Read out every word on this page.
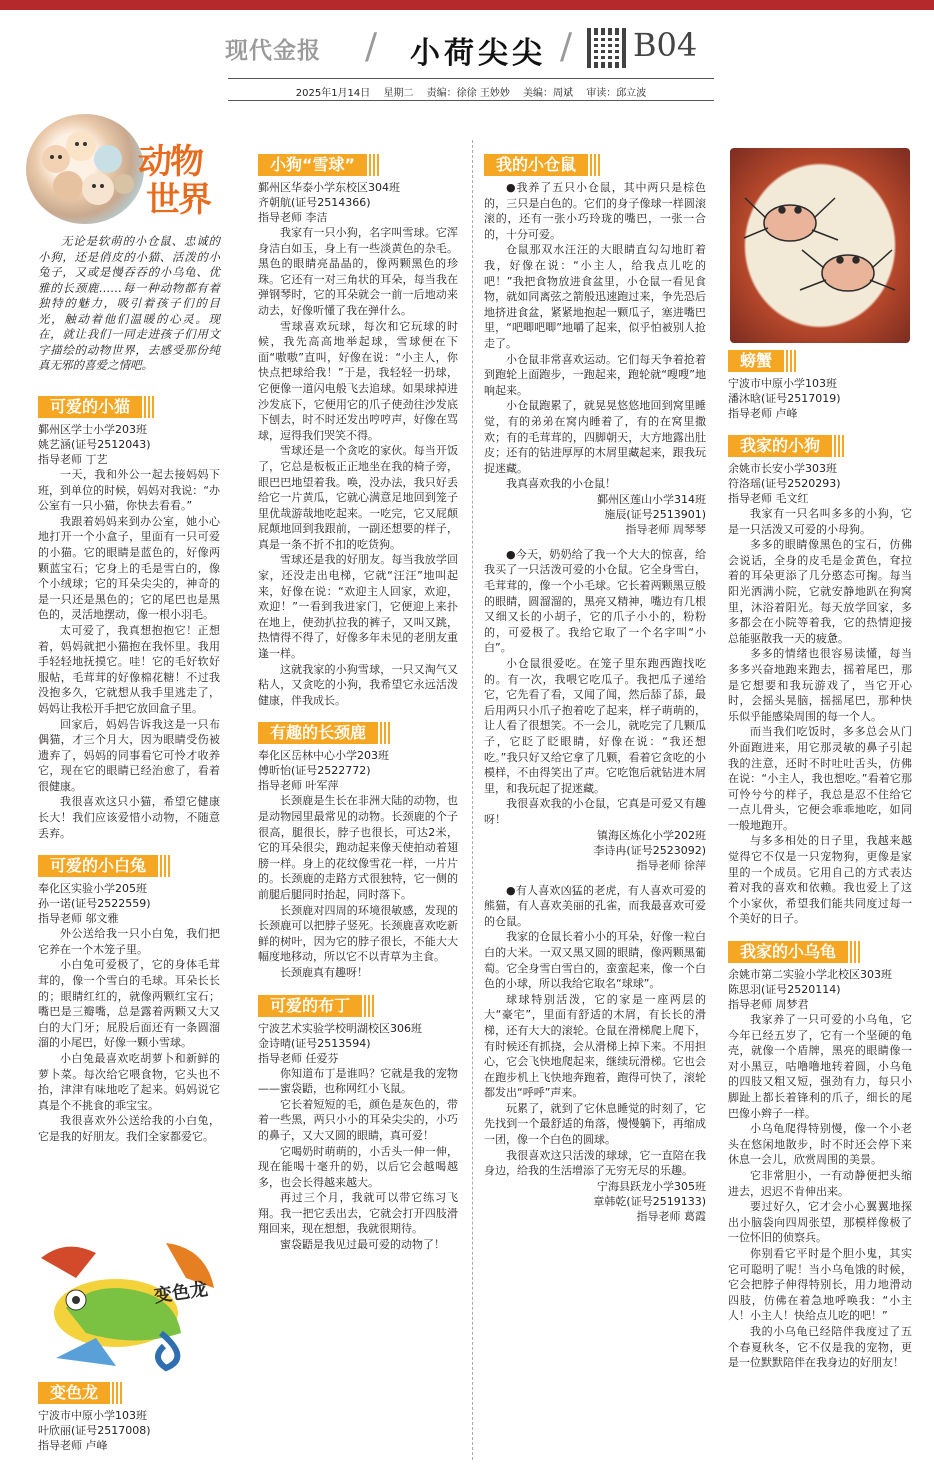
现代金报 / 小荷尖尖 / B04
2025年1月14日 星期二 责编：徐徐 王妙妙 美编：周斌 审读：邱立波
动物
世界

无论是软萌的小仓鼠、忠诚的小狗，还是俏皮的小猫、活泼的小兔子，又或是慢吞吞的小乌龟、优雅的长颈鹿……每一种动物都有着独特的魅力，吸引着孩子们的目光，触动着他们温暖的心灵。现在，就让我们一同走进孩子们用文字描绘的动物世界，去感受那份纯真无邪的喜爱之情吧。

可爱的小猫
鄞州区学士小学203班
姚艺涵(证号2512043)
指导老师 丁艺

一天，我和外公一起去接妈妈下班，到单位的时候，妈妈对我说：“办公室有一只小猫，你快去看看。”

我跟着妈妈来到办公室，她小心地打开一个小盒子，里面有一只可爱的小猫。它的眼睛是蓝色的，好像两颗蓝宝石；它身上的毛是雪白的，像个小绒球；它的耳朵尖尖的，神奇的是一只还是黑色的；它的尾巴也是黑色的，灵活地摆动，像一根小羽毛。

太可爱了，我真想抱抱它！正想着，妈妈就把小猫抱在我怀里。我用手轻轻地抚摸它。哇！它的毛好软好服帖，毛茸茸的好像棉花糖！不过我没抱多久，它就想从我手里逃走了，妈妈让我松开手把它放回盒子里。

回家后，妈妈告诉我这是一只布偶猫，才三个月大，因为眼睛受伤被遗弃了，妈妈的同事看它可怜才收养它，现在它的眼睛已经治愈了，看着很健康。

我很喜欢这只小猫，希望它健康长大！我们应该爱惜小动物，不随意丢弃。

可爱的小白兔
奉化区实验小学205班
孙一诺(证号2522559)
指导老师 邬文雅

外公送给我一只小白兔，我们把它养在一个木笼子里。

小白兔可爱极了，它的身体毛茸茸的，像一个雪白的毛球。耳朵长长的；眼睛红红的，就像两颗红宝石；嘴巴是三瓣嘴，总是露着两颗又大又白的大门牙；屁股后面还有一条圆溜溜的小尾巴，好像一颗小雪球。

小白兔最喜欢吃胡萝卜和新鲜的萝卜菜。每次给它喂食物，它头也不抬，津津有味地吃了起来。妈妈说它真是个不挑食的乖宝宝。

我很喜欢外公送给我的小白兔，它是我的好朋友。我们全家都爱它。

变色龙
变色龙
宁波市中原小学103班
叶欣丽(证号2517008)
指导老师 卢峰
小狗“雪球”
鄞州区华泰小学东校区304班
齐朝航(证号2514366)
指导老师 李洁

我家有一只小狗，名字叫雪球。它浑身洁白如玉，身上有一些淡黄色的杂毛。黑色的眼睛亮晶晶的，像两颗黑色的珍珠。它还有一对三角状的耳朵，每当我在弹钢琴时，它的耳朵就会一前一后地动来动去，好像听懂了我在弹什么。

雪球喜欢玩球，每次和它玩球的时候，我先高高地举起球，雪球便在下面“嗷嗷”直叫，好像在说：“小主人，你快点把球给我！”于是，我轻轻一扔球，它便像一道闪电般飞去追球。如果球掉进沙发底下，它便用它的爪子使劲往沙发底下刨去，时不时还发出哼哼声，好像在骂球，逗得我们哭笑不得。

雪球还是一个贪吃的家伙。每当开饭了，它总是板板正正地坐在我的椅子旁，眼巴巴地望着我。唤，没办法，我只好丢给它一片黄瓜，它就心满意足地回到笼子里优哉游哉地吃起来。一吃完，它又屁颠屁颠地回到我跟前，一副还想要的样子，真是一条不折不扣的吃货狗。

雪球还是我的好朋友。每当我放学回家，还没走出电梯，它就“汪汪”地叫起来，好像在说：“欢迎主人回家，欢迎，欢迎！”一看到我进家门，它便迎上来扑在地上，使劲扒拉我的裤子，又叫又跳，热情得不得了，好像多年未见的老朋友重逢一样。

这就我家的小狗雪球，一只又淘气又粘人，又贪吃的小狗，我希望它永远活泼健康，伴我成长。

有趣的长颈鹿
奉化区岳林中心小学203班
傅昕怡(证号2522772)
指导老师 叶军萍

长颈鹿是生长在非洲大陆的动物，也是动物园里最常见的动物。长颈鹿的个子很高，腿很长，脖子也很长，可达2米，它的耳朵很尖，跑动起来像天使拍动着翅膀一样。身上的花纹像雪花一样，一片片的。长颈鹿的走路方式很独特，它一侧的前腿后腿同时抬起，同时落下。

长颈鹿对四周的环境很敏感，发现的长颈鹿可以把脖子竖死。长颈鹿喜欢吃新鲜的树叶，因为它的脖子很长，不能大大幅度地移动，所以它不以青草为主食。

长颈鹿真有趣呀！

可爱的布丁
宁波艺术实验学校明湖校区306班
金诗晴(证号2513594)
指导老师 任爱芬

你知道布丁是谁吗？它就是我的宠物——蜜袋鼯，也称网红小飞鼠。

它长着短短的毛，颜色是灰色的，带着一些黑，两只小小的耳朵尖尖的，小巧的鼻子，又大又圆的眼睛，真可爱！

它喝奶时萌萌的，小舌头一伸一伸，现在能喝十毫升的奶，以后它会越喝越多，也会长得越来越大。

再过三个月，我就可以带它练习飞翔。我一把它丢出去，它就会打开四肢滑翔回来，现在想想，我就很期待。

蜜袋鼯是我见过最可爱的动物了！

我的小仓鼠

●我养了五只小仓鼠，其中两只是棕色的，三只是白色的。它们的身子像球一样圆滚滚的，还有一张小巧玲珑的嘴巴，一张一合的，十分可爱。

仓鼠那双水汪汪的大眼睛直勾勾地盯着我，好像在说：“小主人，给我点儿吃的吧！”我把食物放进食盆里，小仓鼠一看见食物，就如同离弦之箭般迅速跑过来，争先恐后地挤进食盆，紧紧地抱起一颗瓜子，塞进嘴巴里，“吧唧吧唧”地嚼了起来，似乎怕被别人抢走了。

小仓鼠非常喜欢运动。它们每天争着抢着到跑轮上面跑步，一跑起来，跑轮就“嗖嗖”地响起来。

小仓鼠跑累了，就晃晃悠悠地回到窝里睡觉，有的弟弟在窝内睡着了，有的在窝里撒欢；有的毛茸茸的，四脚朝天，大方地露出肚皮；还有的钻进厚厚的木屑里藏起来，跟我玩捉迷藏。

我真喜欢我的小仓鼠！

鄞州区莲山小学314班
施辰(证号2513901)
指导老师 周琴琴

●今天，奶奶给了我一个大大的惊喜，给我买了一只活泼可爱的小仓鼠。它全身雪白，毛茸茸的，像一个小毛球。它长着两颗黑豆般的眼睛，圆溜溜的，黑亮又精神，嘴边有几根又细又长的小胡子，它的爪子小小的，粉粉的，可爱极了。我给它取了一个名字叫“小白”。

小仓鼠很爱吃。在笼子里东跑西跑找吃的。有一次，我喂它吃瓜子。我把瓜子递给它，它先看了看，又闻了闻，然后舔了舔，最后用两只小爪子抱着吃了起来，样子萌萌的，让人看了很想笑。不一会儿，就吃完了几颗瓜子，它眨了眨眼睛，好像在说：“我还想吃。”我只好又给它拿了几颗，看着它贪吃的小模样，不由得笑出了声。它吃饱后就钻进木屑里，和我玩起了捉迷藏。

我很喜欢我的小仓鼠，它真是可爱又有趣呀！

镇海区炼化小学202班
李诗冉(证号2523092)
指导老师 徐萍

●有人喜欢凶猛的老虎，有人喜欢可爱的熊猫，有人喜欢美丽的孔雀，而我最喜欢可爱的仓鼠。

我家的仓鼠长着小小的耳朵，好像一粒白白的大米。一双又黑又圆的眼睛，像两颗黑葡萄。它全身雪白雪白的，蛮蛮起来，像一个白色的小球，所以我给它取名“球球”。

球球特别活泼，它的家是一座两层的大“豪宅”，里面有舒适的木屑，有长长的滑梯，还有大大的滚轮。仓鼠在滑梯爬上爬下，有时候还有抓挠，会从滑梯上掉下来。不用担心，它会飞快地爬起来，继续玩滑梯。它也会在跑步机上飞快地奔跑着，跑得可快了，滚轮都发出“呼呼”声来。

玩累了，就到了它休息睡觉的时刻了，它先找到一个最舒适的角落，慢慢躺下，再缩成一团，像一个白色的圆球。

我很喜欢这只活泼的球球，它一直陪在我身边，给我的生活增添了无穷无尽的乐趣。

宁海县跃龙小学305班
章韩乾(证号2519133)
指导老师 葛霞
螃蟹
宁波市中原小学103班
潘沐晗(证号2517019)
指导老师 卢峰
我家的小狗
余姚市长安小学303班
符洛瑶(证号2520293)
指导老师 毛文红

我家有一只名叫多多的小狗，它是一只活泼又可爱的小母狗。

多多的眼睛像黑色的宝石，仿佛会说话，全身的皮毛是金黄色，耷拉着的耳朵更添了几分憨态可掬。每当阳光洒满小院，它就安静地趴在狗窝里，沐浴着阳光。每天放学回家，多多都会在小院等着我，它的热情迎接总能驱散我一天的疲惫。

多多的情绪也很容易读懂，每当多多兴奋地跑来跑去，摇着尾巴，那是它想要和我玩游戏了，当它开心时，会摇头晃脑，摇摇尾巴，那种快乐似乎能感染周围的每一个人。

而当我们吃饭时，多多总会从门外面跑进来，用它那灵敏的鼻子引起我的注意，还时不时吐吐舌头，仿佛在说：“小主人，我也想吃。”看着它那可怜兮兮的样子，我总是忍不住给它一点儿骨头，它便会乖乖地吃，如同一般地跑开。

与多多相处的日子里，我越来越觉得它不仅是一只宠物狗，更像是家里的一个成员。它用自己的方式表达着对我的喜欢和依赖。我也爱上了这个小家伙，希望我们能共同度过每一个美好的日子。

我家的小乌龟
余姚市第二实验小学北校区303班
陈思羽(证号2520114)
指导老师 周梦君

我家养了一只可爱的小乌龟，它今年已经五岁了，它有一个坚硬的龟壳，就像一个盾牌，黑亮的眼睛像一对小黑豆，咕噜噜地转着圆，小乌龟的四肢又粗又短，强劲有力，每只小脚趾上都长着锋利的爪子，细长的尾巴像小辫子一样。

小乌龟爬得特别慢，像一个小老头在悠闲地散步，时不时还会停下来休息一会儿，欣赏周围的美景。

它非常胆小，一有动静便把头缩进去，迟迟不肯伸出来。

要过好久，它才会小心翼翼地探出小脑袋向四周张望，那模样像极了一位怀旧的侦察兵。

你别看它平时是个胆小鬼，其实它可聪明了呢！当小乌龟饿的时候，它会把脖子伸得特别长，用力地滑动四肢，仿佛在着急地呼唤我：“小主人！小主人！快给点儿吃的吧！”

我的小乌龟已经陪伴我度过了五个春夏秋冬，它不仅是我的宠物，更是一位默默陪伴在我身边的好朋友！
